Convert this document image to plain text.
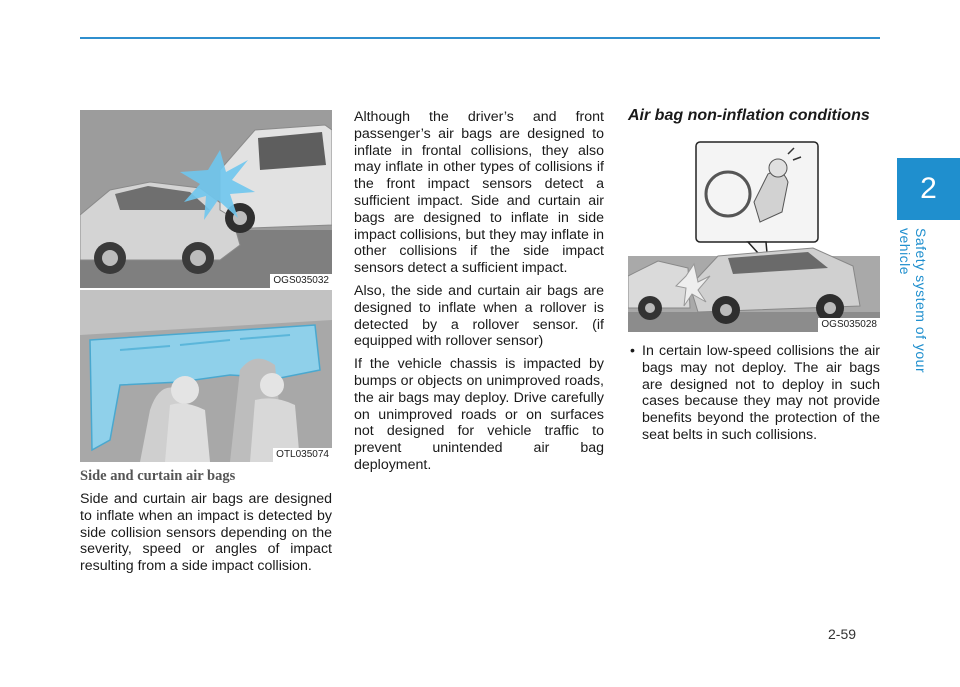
OGS035032
OTL035074
Side and curtain air bags

Side and curtain air bags are designed to inflate when an impact is detected by side collision sensors depending on the severity, speed or angles of impact resulting from a side impact collision.

Although the driver’s and front passenger’s air bags are designed to inflate in frontal collisions, they also may inflate in other types of collisions if the front impact sensors detect a sufficient impact. Side and curtain air bags are designed to inflate in side impact collisions, but they may inflate in other collisions if the side impact sensors detect a sufficient impact.

Also, the side and curtain air bags are designed to inflate when a rollover is detected by a rollover sensor. (if equipped with rollover sensor)

If the vehicle chassis is impacted by bumps or objects on unimproved roads, the air bags may deploy. Drive carefully on unimproved roads or on surfaces not designed for vehicle traffic to prevent unintended air bag deployment.

Air bag non-inflation conditions
OGS035028
• In certain low-speed collisions the air bags may not deploy. The air bags are designed not to deploy in such cases because they may not provide benefits beyond the protection of the seat belts in such collisions.
2
Safety system of your vehicle
2-59
